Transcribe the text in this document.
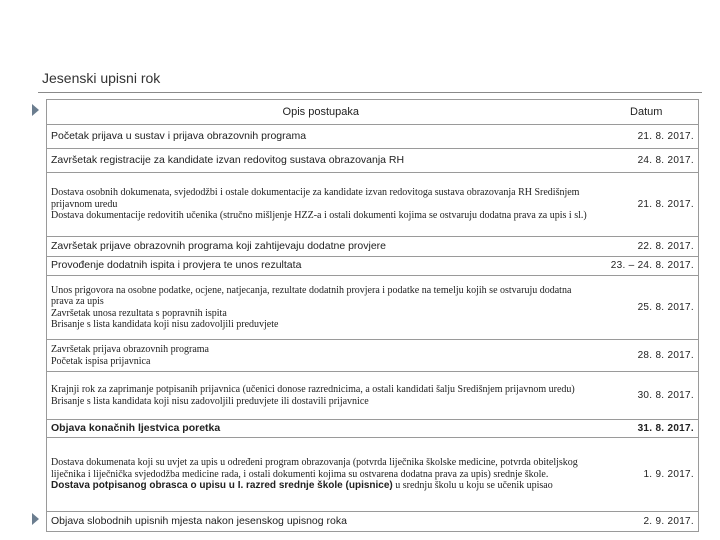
Jesenski upisni rok
Opis postupaka	Datum

Početak prijava u sustav i prijava obrazovnih programa	21. 8. 2017.

Završetak registracije za kandidate izvan redovitog sustava obrazovanja RH	24. 8. 2017.

Dostava osobnih dokumenata, svjedodžbi i ostale dokumentacije za kandidate izvan redovitoga sustava obrazovanja RH Središnjem prijavnom uredu
Dostava dokumentacije redovitih učenika (stručno mišljenje HZZ-a i ostali dokumenti kojima se ostvaruju dodatna prava za upis i sl.)	21. 8. 2017.

Završetak prijave obrazovnih programa koji zahtijevaju dodatne provjere	22. 8. 2017.

Provođenje dodatnih ispita i provjera te unos rezultata	23. – 24. 8. 2017.

Unos prigovora na osobne podatke, ocjene, natjecanja, rezultate dodatnih provjera i podatke na temelju kojih se ostvaruju dodatna prava za upis
Završetak unosa rezultata s popravnih ispita
Brisanje s lista kandidata koji nisu zadovoljili preduvjete	25. 8. 2017.

Završetak prijava obrazovnih programa
Početak ispisa prijavnica	28. 8. 2017.

Krajnji rok za zaprimanje potpisanih prijavnica (učenici donose razrednicima, a ostali kandidati šalju Središnjem prijavnom uredu)
Brisanje s lista kandidata koji nisu zadovoljili preduvjete ili dostavili prijavnice	30. 8. 2017.

Objava konačnih ljestvica poretka	31. 8. 2017.

Dostava dokumenata koji su uvjet za upis u određeni program obrazovanja (potvrda liječnika školske medicine, potvrda obiteljskog liječnika i liječnička svjedodžba medicine rada, i ostali dokumenti kojima su ostvarena dodatna prava za upis) srednje škole.
Dostava potpisanog obrasca o upisu u I. razred srednje škole (upisnice) u srednju školu u koju se učenik upisao	1. 9. 2017.

Objava slobodnih upisnih mjesta nakon jesenskog upisnog roka	2. 9. 2017.
